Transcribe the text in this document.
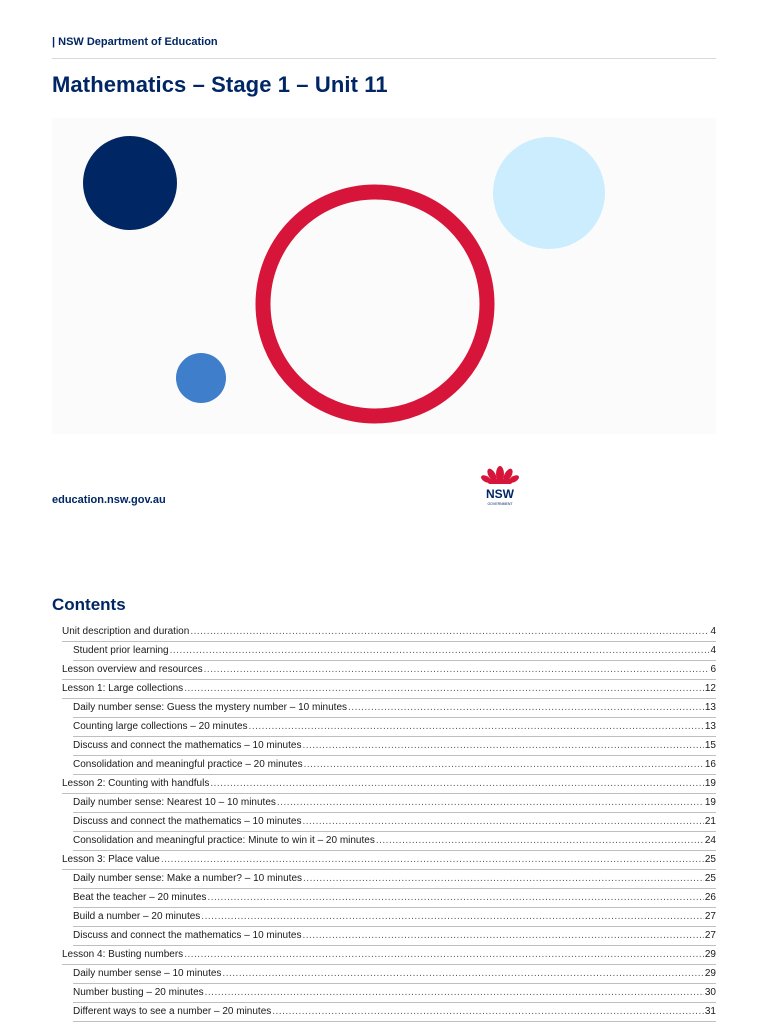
| NSW Department of Education
Mathematics – Stage 1 – Unit 11
education.nsw.gov.au	NSW
GOVERNMENT
Contents
Unit description and duration .....	4
Student prior learning .....	4
Lesson overview and resources .....	6
Lesson 1: Large collections .....	12
Daily number sense: Guess the mystery number – 10 minutes .....	13
Counting large collections – 20 minutes .....	13
Discuss and connect the mathematics – 10 minutes .....	15
Consolidation and meaningful practice – 20 minutes .....	16
Lesson 2: Counting with handfuls .....	19
Daily number sense: Nearest 10 – 10 minutes .....	19
Discuss and connect the mathematics – 10 minutes .....	21
Consolidation and meaningful practice: Minute to win it – 20 minutes .....	24
Lesson 3: Place value .....	25
Daily number sense: Make a number? – 10 minutes .....	25
Beat the teacher – 20 minutes .....	26
Build a number – 20 minutes .....	27
Discuss and connect the mathematics – 10 minutes .....	27
Lesson 4: Busting numbers .....	29
Daily number sense – 10 minutes .....	29
Number busting – 20 minutes .....	30
Different ways to see a number – 20 minutes .....	31
